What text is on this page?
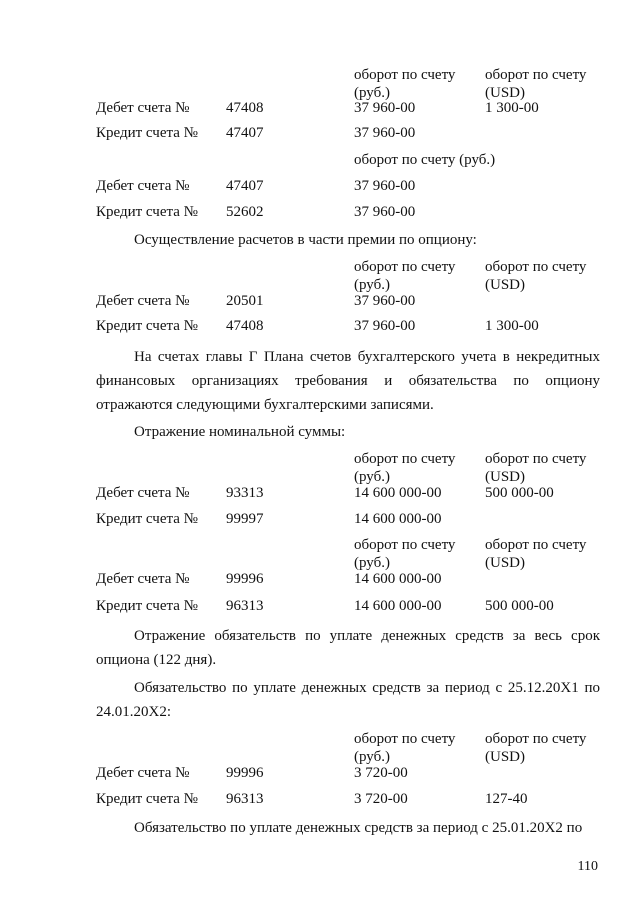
оборот по счету
(руб.)
оборот по счету
(USD)
Дебет счета № 47408	37 960-00	1 300-00
Кредит счета № 47407	37 960-00
оборот по счету (руб.)
Дебет счета № 47407	37 960-00
Кредит счета № 52602	37 960-00
Осуществление расчетов в части премии по опциону:
оборот по счету
(руб.)
оборот по счету
(USD)
Дебет счета № 20501	37 960-00
Кредит счета № 47408	37 960-00	1 300-00
На счетах главы Г Плана счетов бухгалтерского учета в некредитных финансовых организациях требования и обязательства по опциону отражаются следующими бухгалтерскими записями.
Отражение номинальной суммы:
оборот по счету
(руб.)
оборот по счету
(USD)
Дебет счета № 93313	14 600 000-00	500 000-00
Кредит счета № 99997	14 600 000-00
оборот по счету
(руб.)
оборот по счету
(USD)
Дебет счета № 99996	14 600 000-00
Кредит счета № 96313	14 600 000-00	500 000-00
Отражение обязательств по уплате денежных средств за весь срок опциона (122 дня).
Обязательство по уплате денежных средств за период с 25.12.20Х1 по 24.01.20Х2:
оборот по счету
(руб.)
оборот по счету
(USD)
Дебет счета № 99996	3 720-00
Кредит счета № 96313	3 720-00	127-40
Обязательство по уплате денежных средств за период с 25.01.20Х2 по
110
